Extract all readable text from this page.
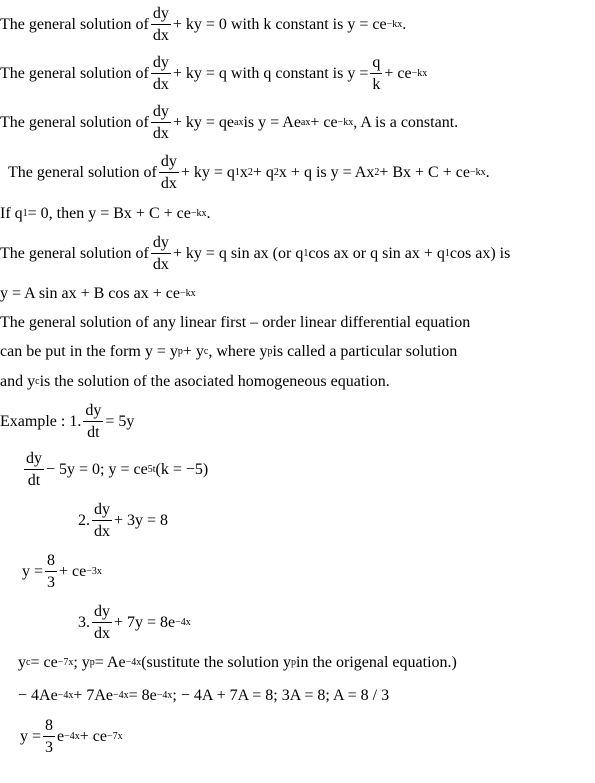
The general solution of $\frac{dy}{dx}$ + ky = 0 with k constant is y = ce −kx .
The general solution of $\frac{dy}{dx}$ + ky = q with q constant is $y = \frac{q}{k}$ + ce −kx
The general solution of $\frac{dy}{dx}$ + ky = qe ax is y = Ae ax + ce −kx , A is a constant.
The general solution of $\frac{dy}{dx}$ + ky = q 1 x 2 + q 2 x + q is y = Ax 2 + Bx + C + ce −kx .
If q 1 = 0, then y = Bx + C + ce −kx .
The general solution of $\frac{dy}{dx}$ + ky = q sin ax (or q 1 cos ax or q sin ax + q 1 cos ax) is
y = A sin ax + B cos ax + ce −kx
The general solution of any linear first – order linear differential equation
can be put in the form y = y p + y c , where y p is called a particular solution
and y c is the solution of the asociated homogeneous equation.
Example : 1. $\frac{dy}{dt} = 5y$
$\frac{dy}{dt} - 5y = 0$; y = ce 5t (k = −5)
2. $\frac{dy}{dx} + 3y = 8$
$y = \frac{8}{3}$ + ce −3x
3. $\frac{dy}{dx} + 7y = 8e -4x$
y c = ce −7x ; y p = Ae −4x (sustitute the solution y p in the origenal equation.)
− 4Ae −4x + 7Ae −4x = 8e −4x ; − 4A + 7A = 8; 3A = 8; A = 8 / 3
$y = \frac{8}{3}$ e −4x + ce −7x
